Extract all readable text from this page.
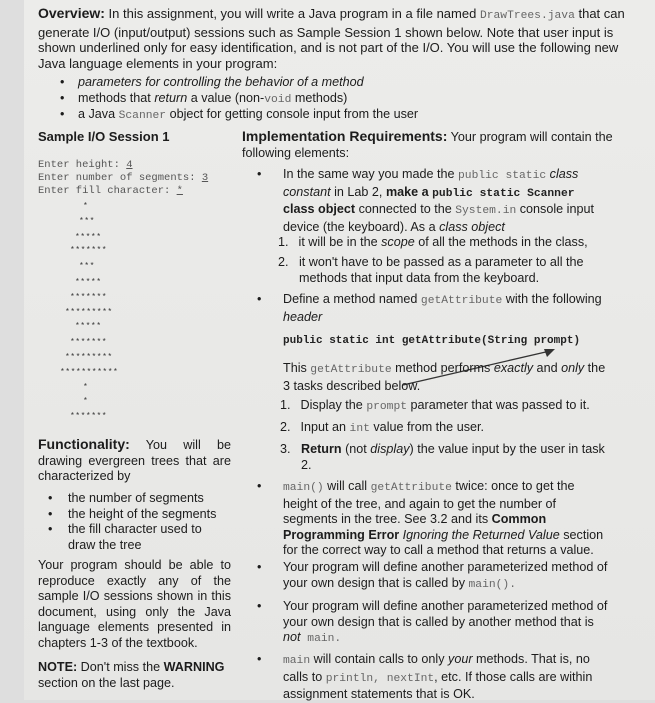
Overview: In this assignment, you will write a Java program in a file named DrawTrees.java that can generate I/O (input/output) sessions such as Sample Session 1 shown below. Note that user input is shown underlined only for easy identification, and is not part of the I/O. You will use the following new Java language elements in your program:

• parameters for controlling the behavior of a method
• methods that return a value (non-void methods)
• a Java Scanner object for getting console input from the user
Sample I/O Session 1
Enter height: 4
Enter number of segments: 3
Enter fill character: *
*
***
*****
*******
***
*****
*******
*********
*****
*******
*********
***********
*
*
*******

Functionality: You will be drawing evergreen trees that are characterized by

• the number of segments
• the height of the segments
• the fill character used to draw the tree

Your program should be able to reproduce exactly any of the sample I/O sessions shown in this document, using only the Java language elements presented in chapters 1-3 of the textbook.

NOTE: Don't miss the WARNING section on the last page.

Implementation Requirements: Your program will contain the following elements:

• In the same way you made the public static class constant in Lab 2, make a public static Scanner class object connected to the System.in console input device (the keyboard). As a class object
1. it will be in the scope of all the methods in the class,
2. it won't have to be passed as a parameter to all the methods that input data from the keyboard.
• Define a method named getAttribute with the following header
public static int getAttribute(String prompt)
This getAttribute method performs exactly and only the 3 tasks described below.
1. Display the prompt parameter that was passed to it.
2. Input an int value from the user.
3. Return (not display) the value input by the user in task 2.
• main() will call getAttribute twice: once to get the height of the tree, and again to get the number of segments in the tree. See 3.2 and its Common Programming Error Ignoring the Returned Value section for the correct way to call a method that returns a value.
• Your program will define another parameterized method of your own design that is called by main().
• Your program will define another parameterized method of your own design that is called by another method that is not main.
• main will contain calls to only your methods. That is, no calls to println, nextInt, etc. If those calls are within assignment statements that is OK.
